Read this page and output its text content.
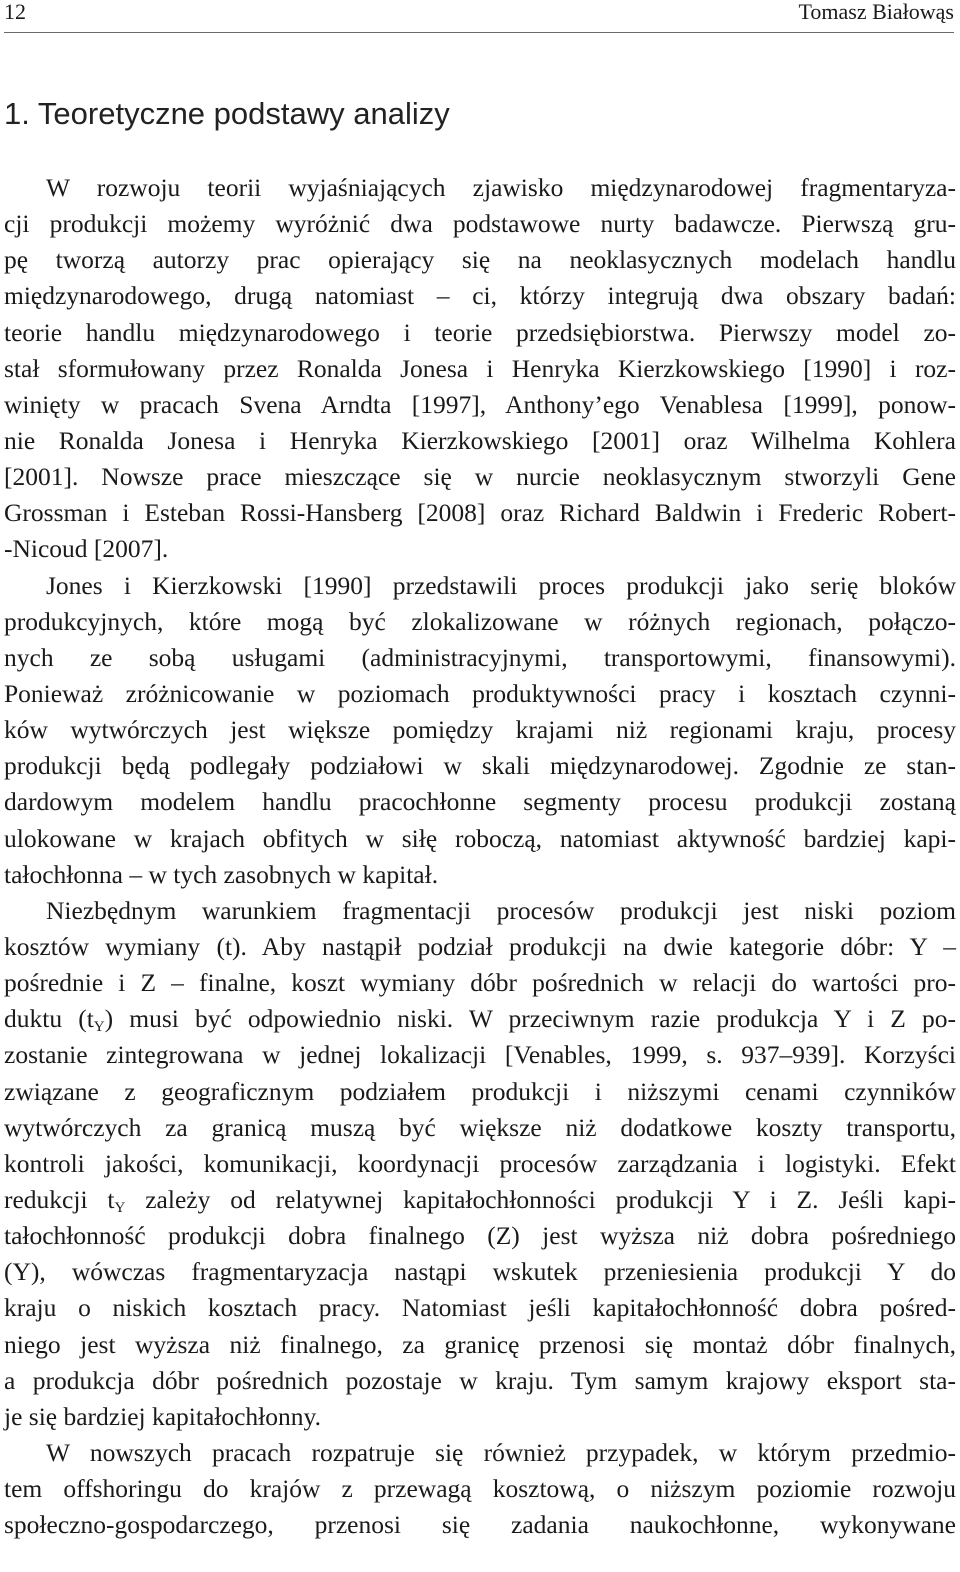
12	Tomasz Białowąs
1. Teoretyczne podstawy analizy
W rozwoju teorii wyjaśniających zjawisko międzynarodowej fragmentaryza-
cji produkcji możemy wyróżnić dwa podstawowe nurty badawcze. Pierwszą gru-
pę tworzą autorzy prac opierający się na neoklasycznych modelach handlu
międzynarodowego, drugą natomiast – ci, którzy integrują dwa obszary badań:
teorie handlu międzynarodowego i teorie przedsiębiorstwa. Pierwszy model zo-
stał sformułowany przez Ronalda Jonesa i Henryka Kierzkowskiego [1990] i roz-
winięty w pracach Svena Arndta [1997], Anthony’ego Venablesa [1999], ponow-
nie Ronalda Jonesa i Henryka Kierzkowskiego [2001] oraz Wilhelma Kohlera
[2001]. Nowsze prace mieszczące się w nurcie neoklasycznym stworzyli Gene
Grossman i Esteban Rossi-Hansberg [2008] oraz Richard Baldwin i Frederic Robert-
-Nicoud [2007].
Jones i Kierzkowski [1990] przedstawili proces produkcji jako serię bloków
produkcyjnych, które mogą być zlokalizowane w różnych regionach, połączo-
nych ze sobą usługami (administracyjnymi, transportowymi, finansowymi).
Ponieważ zróżnicowanie w poziomach produktywności pracy i kosztach czynni-
ków wytwórczych jest większe pomiędzy krajami niż regionami kraju, procesy
produkcji będą podlegały podziałowi w skali międzynarodowej. Zgodnie ze stan-
dardowym modelem handlu pracochłonne segmenty procesu produkcji zostaną
ulokowane w krajach obfitych w siłę roboczą, natomiast aktywność bardziej kapi-
tałochłonna – w tych zasobnych w kapitał.
Niezbędnym warunkiem fragmentacji procesów produkcji jest niski poziom
kosztów wymiany (t). Aby nastąpił podział produkcji na dwie kategorie dóbr: Y –
pośrednie i Z – finalne, koszt wymiany dóbr pośrednich w relacji do wartości pro-
duktu $(t_Y)$ musi być odpowiednio niski. W przeciwnym razie produkcja Y i Z po-
zostanie zintegrowana w jednej lokalizacji [Venables, 1999, s. 937–939]. Korzyści
związane z geograficznym podziałem produkcji i niższymi cenami czynników
wytwórczych za granicą muszą być większe niż dodatkowe koszty transportu,
kontroli jakości, komunikacji, koordynacji procesów zarządzania i logistyki. Efekt
redukcji $t_Y$ zależy od relatywnej kapitałochłonności produkcji Y i Z. Jeśli kapi-
tałochłonność produkcji dobra finalnego (Z) jest wyższa niż dobra pośredniego
(Y), wówczas fragmentaryzacja nastąpi wskutek przeniesienia produkcji Y do
kraju o niskich kosztach pracy. Natomiast jeśli kapitałochłonność dobra pośred-
niego jest wyższa niż finalnego, za granicę przenosi się montaż dóbr finalnych,
a produkcja dóbr pośrednich pozostaje w kraju. Tym samym krajowy eksport sta-
je się bardziej kapitałochłonny.
W nowszych pracach rozpatruje się również przypadek, w którym przedmio-
tem offshoringu do krajów z przewagą kosztową, o niższym poziomie rozwoju
społeczno-gospodarczego, przenosi się zadania naukochłonne, wykonywane
